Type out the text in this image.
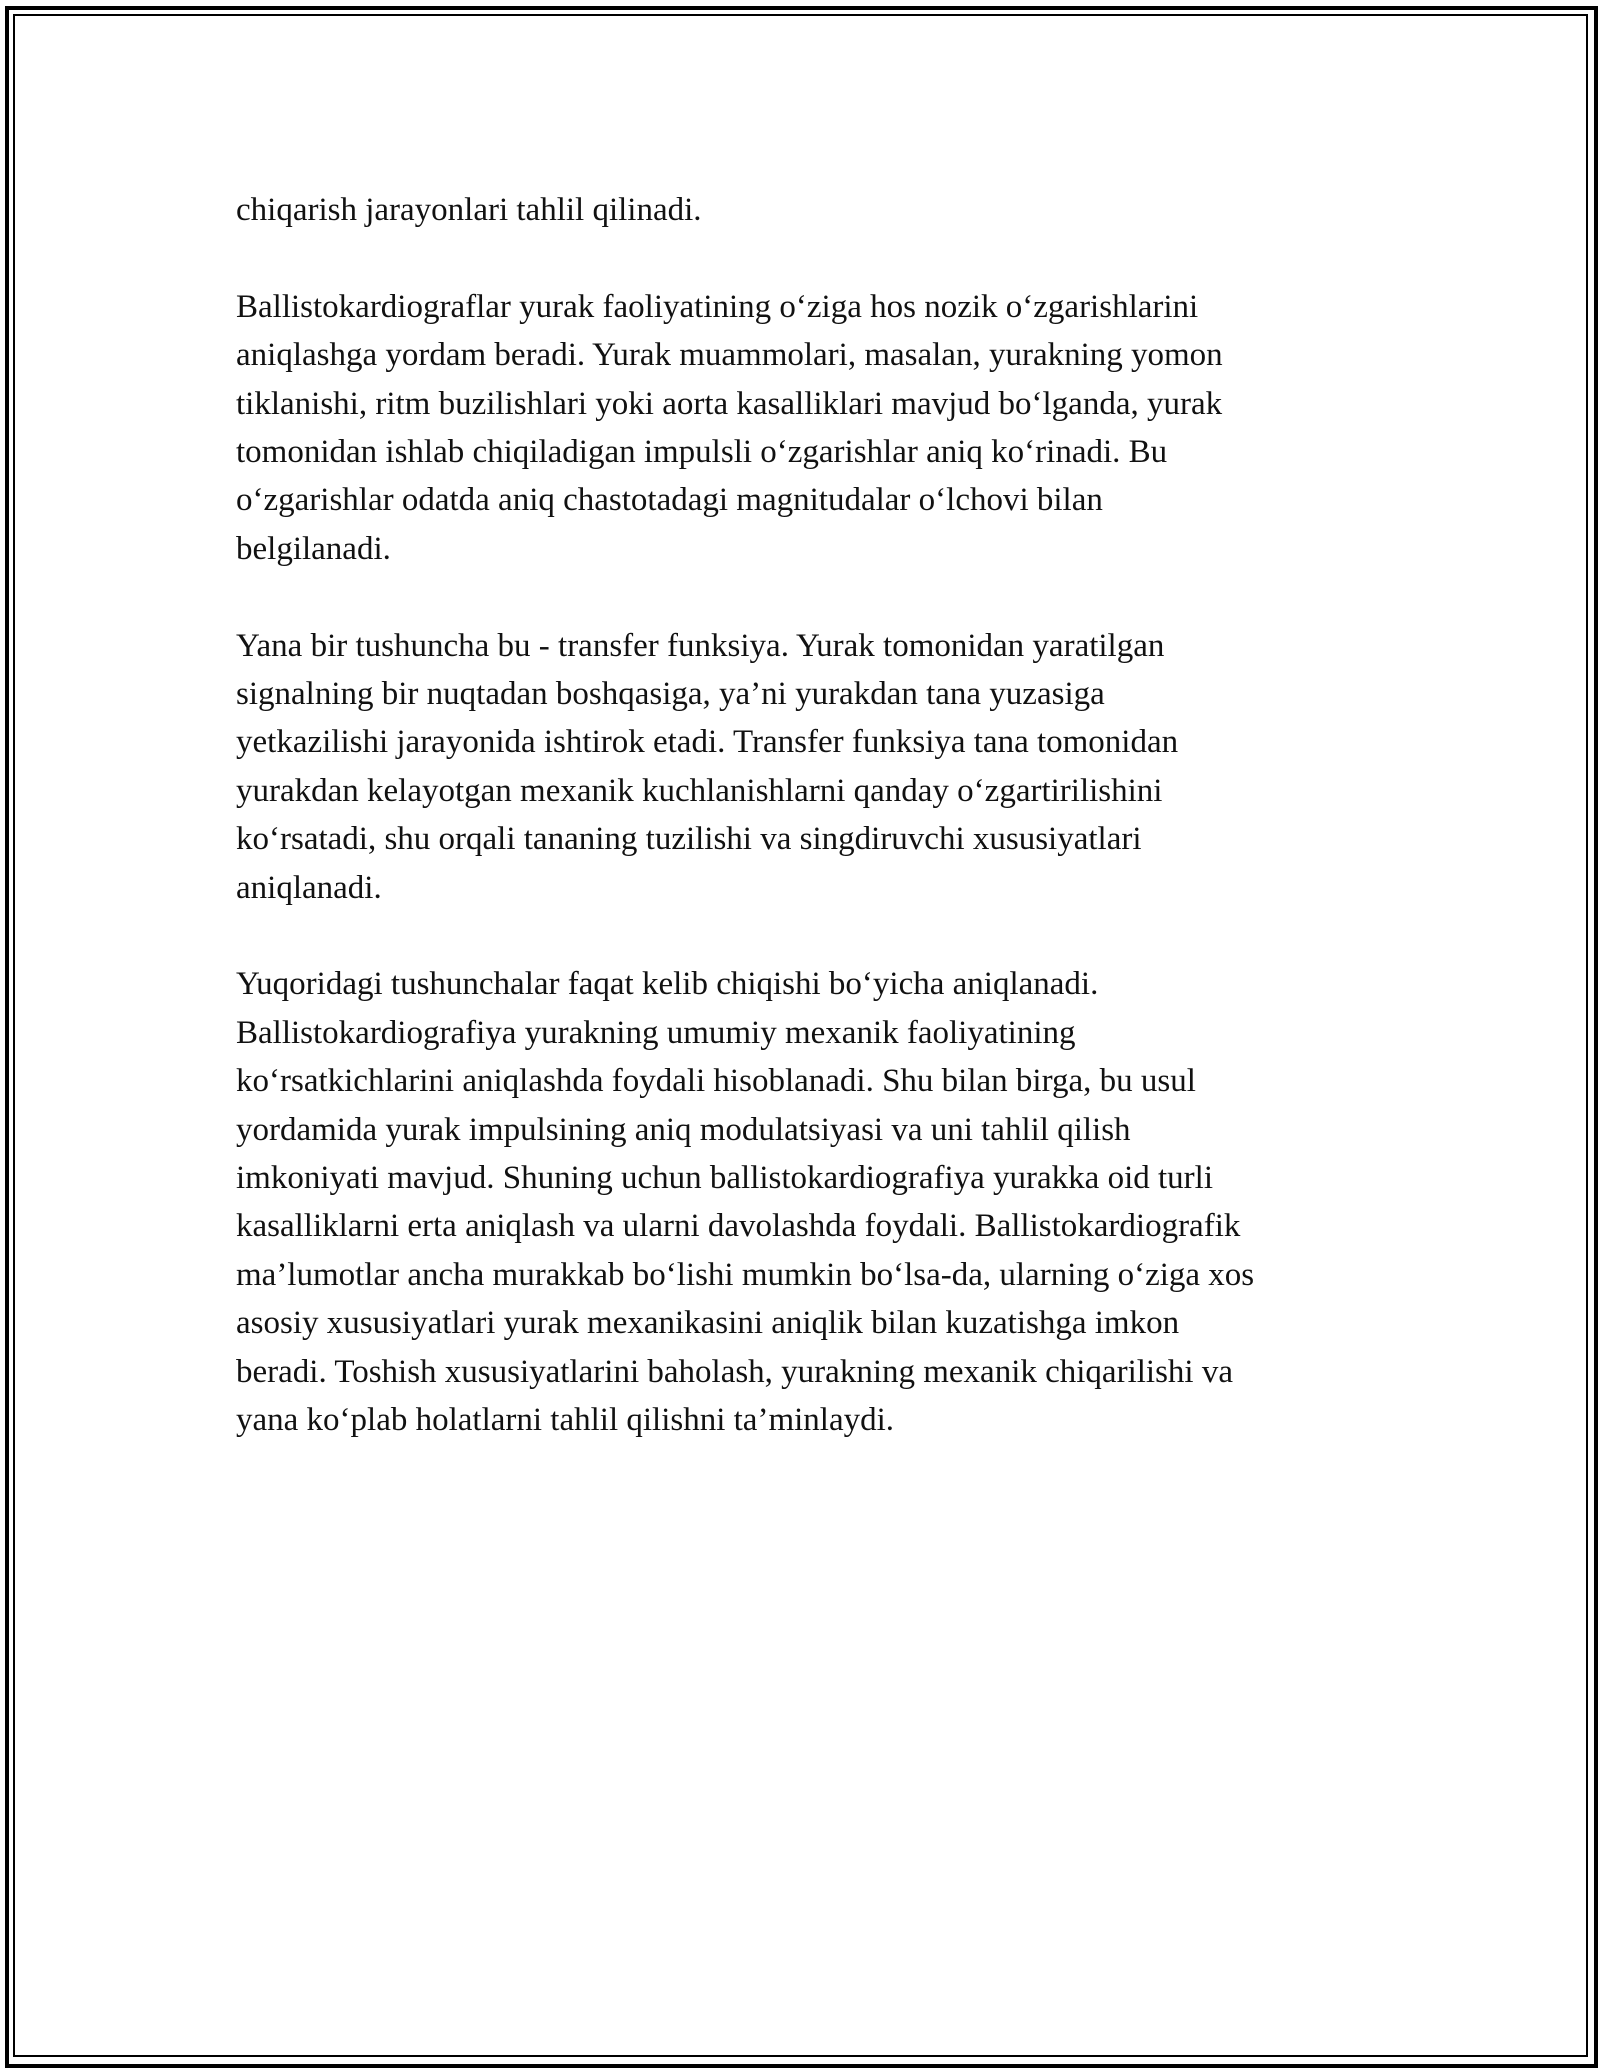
chiqarish jarayonlari tahlil qilinadi.

Ballistokardiograflar yurak faoliyatining o‘ziga hos nozik o‘zgarishlarini
aniqlashga yordam beradi. Yurak muammolari, masalan, yurakning yomon
tiklanishi, ritm buzilishlari yoki aorta kasalliklari mavjud bo‘lganda, yurak
tomonidan ishlab chiqiladigan impulsli o‘zgarishlar aniq ko‘rinadi. Bu
o‘zgarishlar odatda aniq chastotadagi magnitudalar o‘lchovi bilan
belgilanadi.

Yana bir tushuncha bu - transfer funksiya. Yurak tomonidan yaratilgan
signalning bir nuqtadan boshqasiga, ya’ni yurakdan tana yuzasiga
yetkazilishi jarayonida ishtirok etadi. Transfer funksiya tana tomonidan
yurakdan kelayotgan mexanik kuchlanishlarni qanday o‘zgartirilishini
ko‘rsatadi, shu orqali tananing tuzilishi va singdiruvchi xususiyatlari
aniqlanadi.

Yuqoridagi tushunchalar faqat kelib chiqishi bo‘yicha aniqlanadi.
Ballistokardiografiya yurakning umumiy mexanik faoliyatining
ko‘rsatkichlarini aniqlashda foydali hisoblanadi. Shu bilan birga, bu usul
yordamida yurak impulsining aniq modulatsiyasi va uni tahlil qilish
imkoniyati mavjud. Shuning uchun ballistokardiografiya yurakka oid turli
kasalliklarni erta aniqlash va ularni davolashda foydali. Ballistokardiografik
ma’lumotlar ancha murakkab bo‘lishi mumkin bo‘lsa-da, ularning o‘ziga xos
asosiy xususiyatlari yurak mexanikasini aniqlik bilan kuzatishga imkon
beradi. Toshish xususiyatlarini baholash, yurakning mexanik chiqarilishi va
yana ko‘plab holatlarni tahlil qilishni ta’minlaydi.
